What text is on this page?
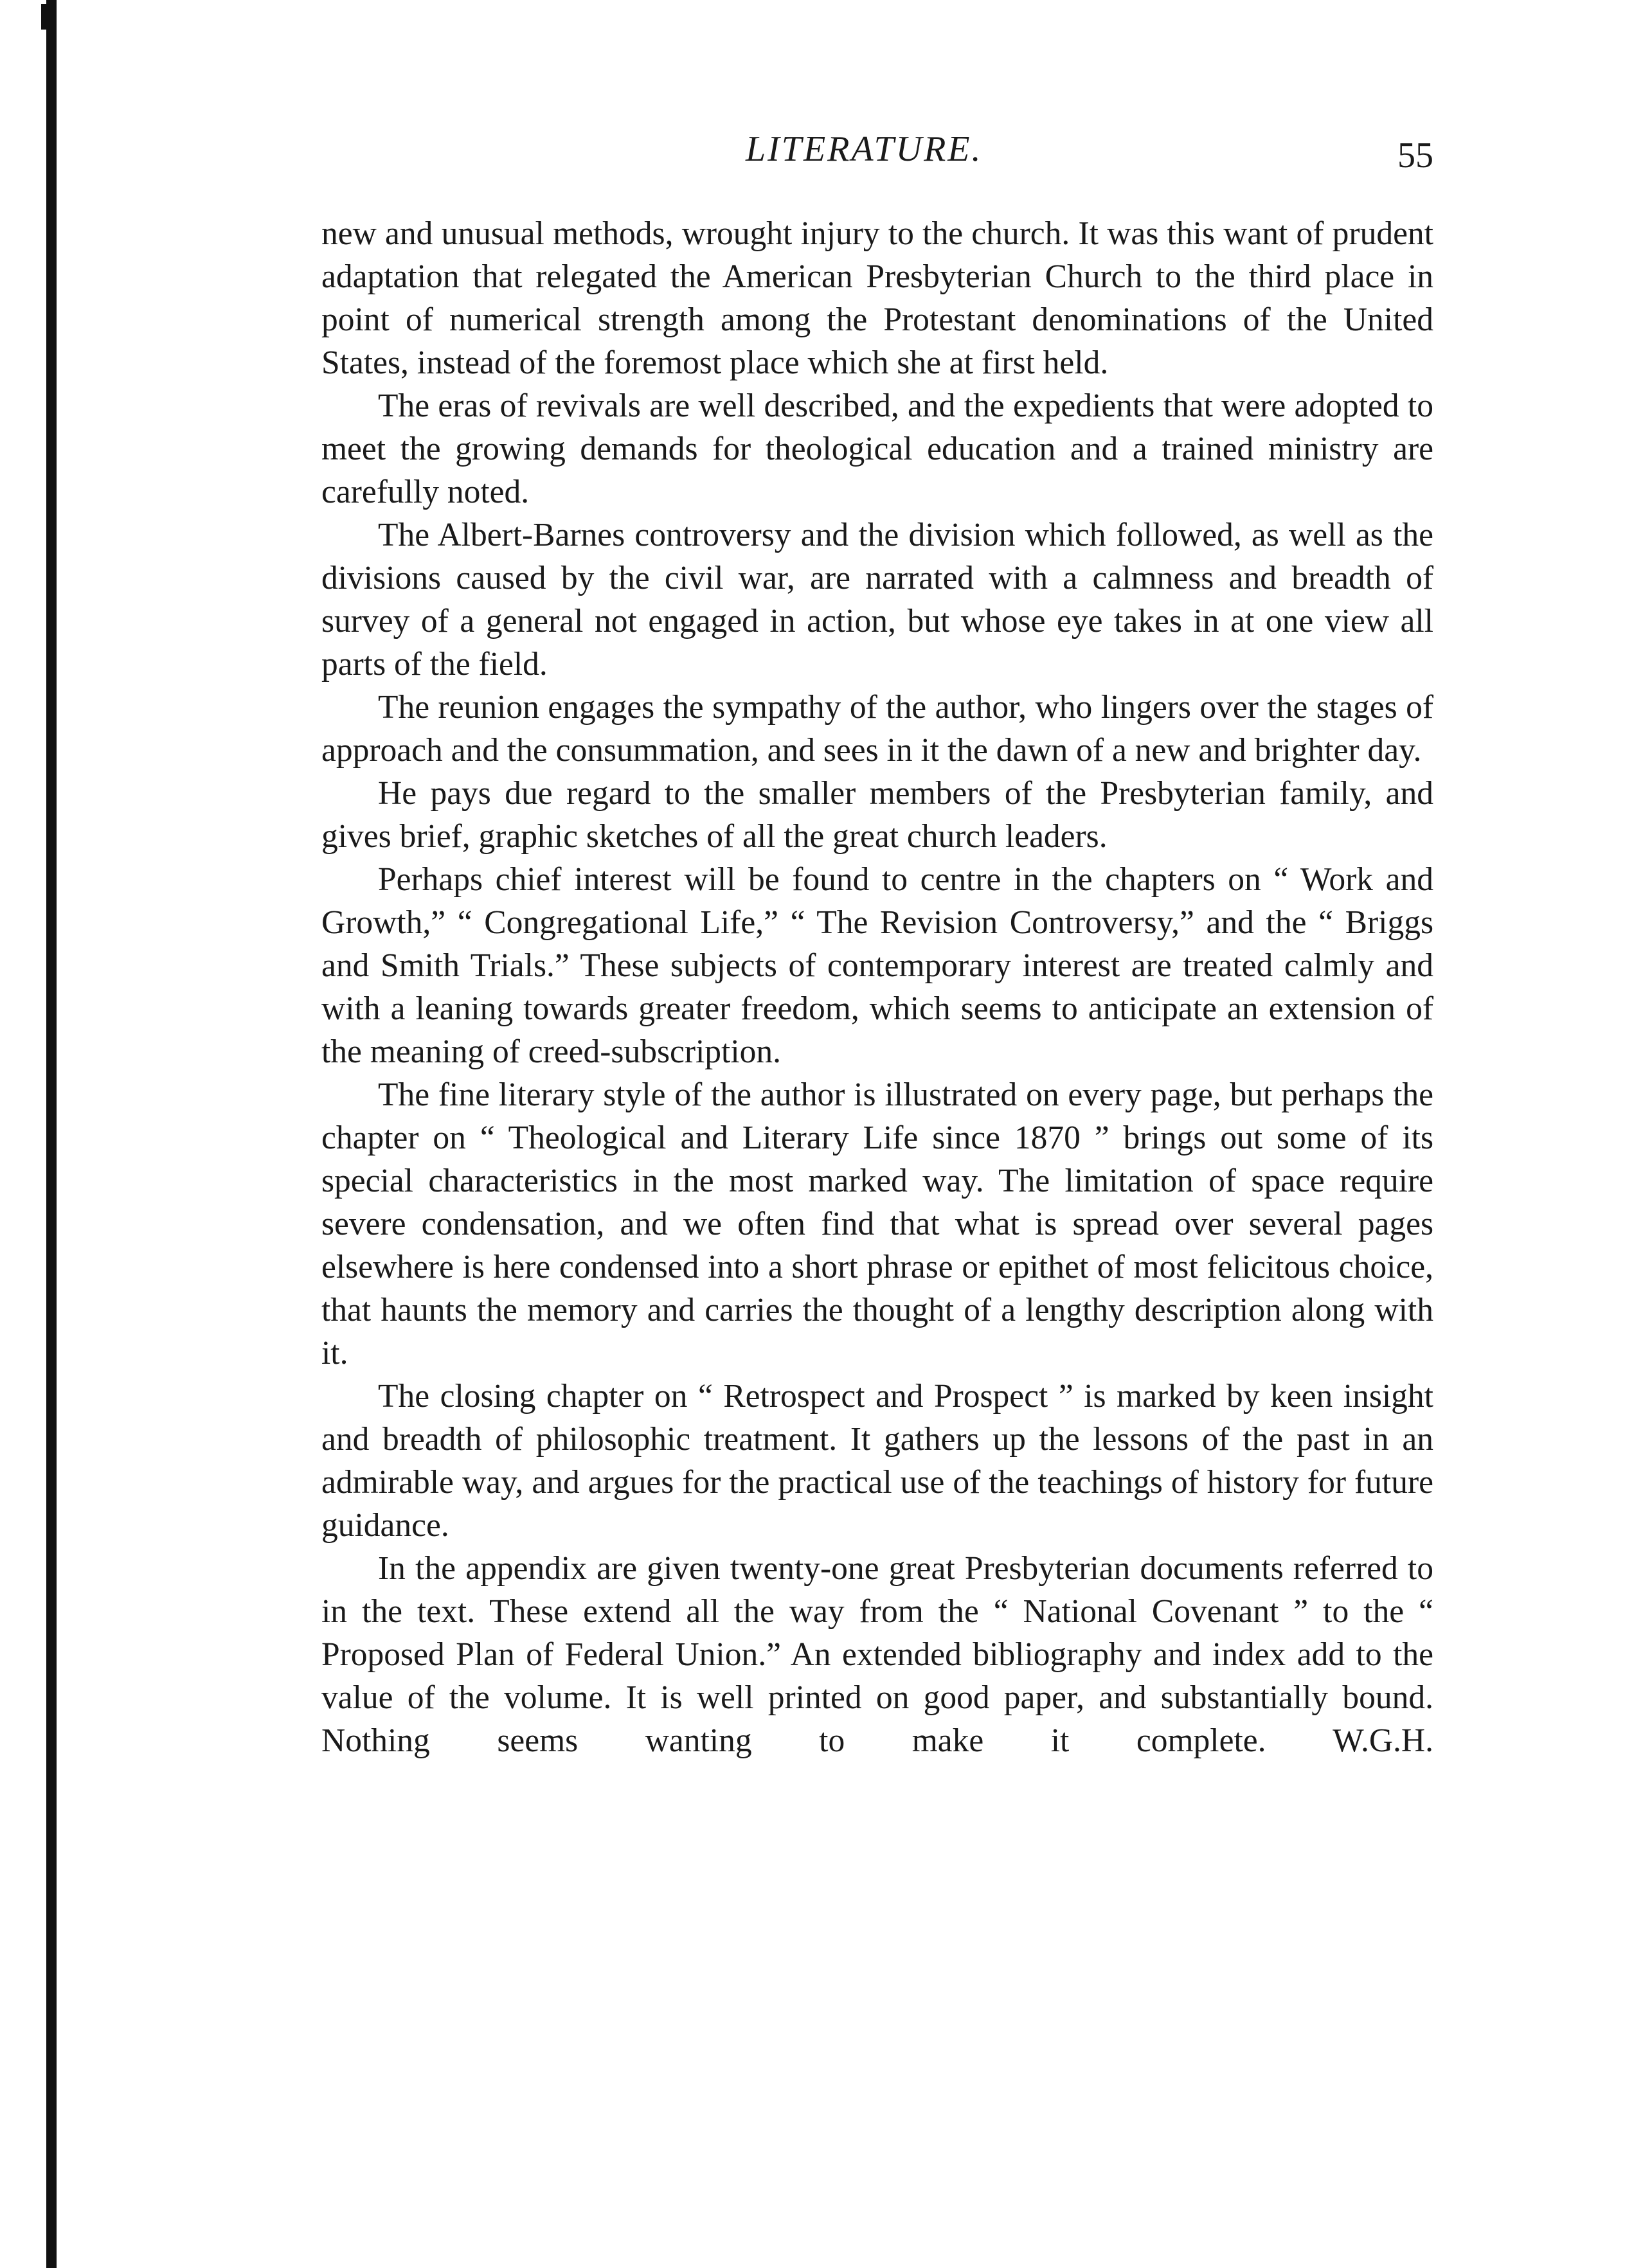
LITERATURE.	55

new and unusual methods, wrought injury to the church. It was this want of prudent adaptation that relegated the American Presbyterian Church to the third place in point of numerical strength among the Protestant denominations of the United States, instead of the foremost place which she at first held.

The eras of revivals are well described, and the expedients that were adopted to meet the growing demands for theological education and a trained ministry are carefully noted.

The Albert-Barnes controversy and the division which followed, as well as the divisions caused by the civil war, are narrated with a calmness and breadth of survey of a general not engaged in action, but whose eye takes in at one view all parts of the field.

The reunion engages the sympathy of the author, who lingers over the stages of approach and the consummation, and sees in it the dawn of a new and brighter day.

He pays due regard to the smaller members of the Presbyterian family, and gives brief, graphic sketches of all the great church leaders.

Perhaps chief interest will be found to centre in the chapters on “ Work and Growth,” “ Congregational Life,” “ The Revision Controversy,” and the “ Briggs and Smith Trials.” These subjects of contemporary interest are treated calmly and with a leaning towards greater freedom, which seems to anticipate an extension of the meaning of creed-subscription.

The fine literary style of the author is illustrated on every page, but perhaps the chapter on “ Theological and Literary Life since 1870 ” brings out some of its special characteristics in the most marked way. The limitation of space require severe condensation, and we often find that what is spread over several pages elsewhere is here condensed into a short phrase or epithet of most felicitous choice, that haunts the memory and carries the thought of a lengthy description along with it.

The closing chapter on “ Retrospect and Prospect ” is marked by keen insight and breadth of philosophic treatment. It gathers up the lessons of the past in an admirable way, and argues for the practical use of the teachings of history for future guidance.

In the appendix are given twenty-one great Presbyterian documents referred to in the text. These extend all the way from the “ National Covenant ” to the “ Proposed Plan of Federal Union.” An extended bibliography and index add to the value of the volume. It is well printed on good paper, and substantially bound. Nothing seems wanting to make it complete. W.G.H.
